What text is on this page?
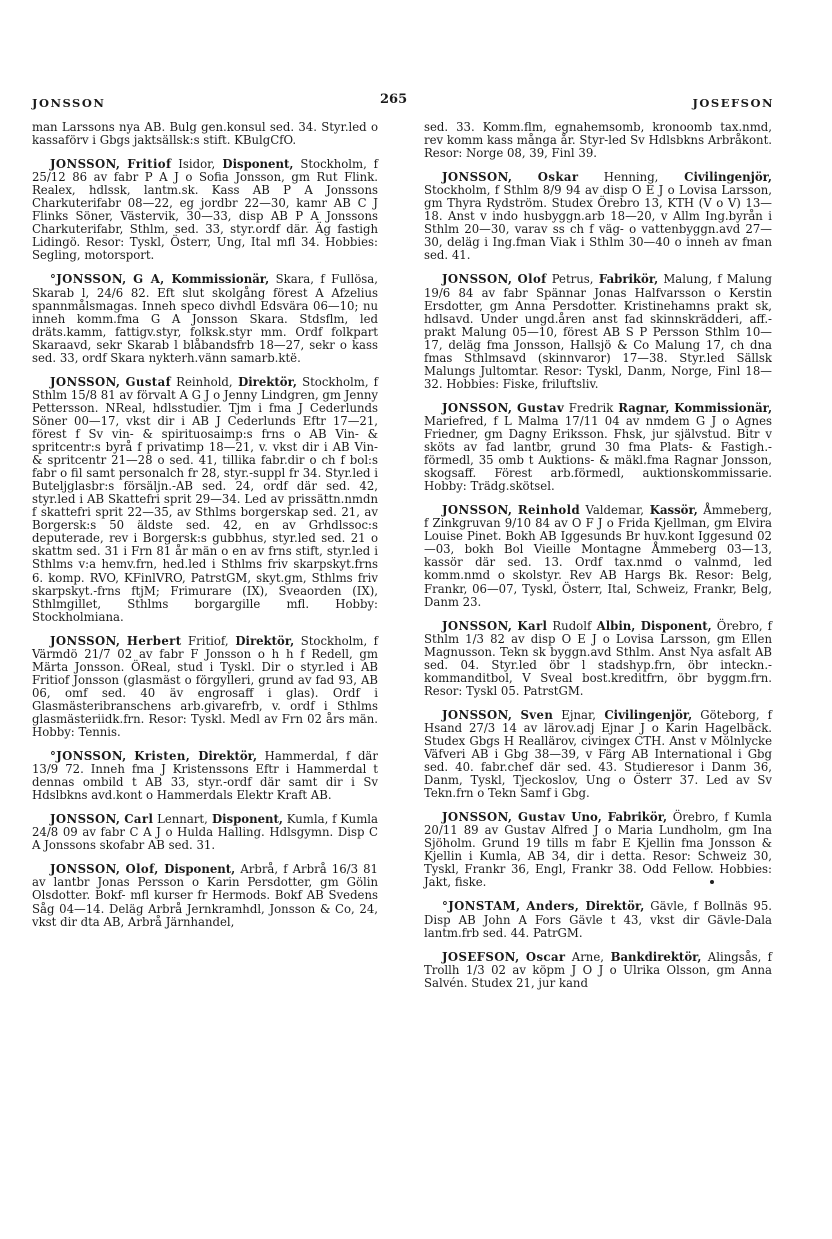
JONSSON	265	JOSEFSON

man Larssons nya AB. Bulg gen.konsul sed. 34. Styr.led o kassaförv i Gbgs jaktsällsk:s stift. KBulgCfO.

JONSSON, Fritiof Isidor, Disponent, Stockholm, f 25/12 86 av fabr P A J o Sofia Jonsson, gm Rut Flink. Realex, hdlssk, lantm.sk. Kass AB P A Jonssons Charkuterifabr 08—22, eg jordbr 22—30, kamr AB C J Flinks Söner, Västervik, 30—33, disp AB P A Jonssons Charkuterifabr, Sthlm, sed. 33, styr.ordf där. Äg fastigh Lidingö. Resor: Tyskl, Österr, Ung, Ital mfl 34. Hobbies: Segling, motorsport.

°JONSSON, G A, Kommissionär, Skara, f Fullösa, Skarab l, 24/6 82. Eft slut skolgång förest A Afzelius spannmålsmagas. Inneh speco divhdl Edsvära 06—10; nu inneh komm.fma G A Jonsson Skara. Stdsflm, led dräts.kamm, fattigv.styr, folksk.styr mm. Ordf folkpart Skaraavd, sekr Skarab l blåbandsfrb 18—27, sekr o kass sed. 33, ordf Skara nykterh.vänn samarb.ktë.

JONSSON, Gustaf Reinhold, Direktör, Stockholm, f Sthlm 15/8 81 av förvalt A G J o Jenny Lindgren, gm Jenny Pettersson. NReal, hdlsstudier. Tjm i fma J Cederlunds Söner 00—17, vkst dir i AB J Cederlunds Eftr 17—21, förest f Sv vin- & spirituosaimp:s frns o AB Vin- & spritcentr:s byrå f privatimp 18—21, v. vkst dir i AB Vin- & spritcentr 21—28 o sed. 41, tillika fabr.dir o ch f bol:s fabr o fil samt personalch fr 28, styr.-suppl fr 34. Styr.led i Buteljglasbr:s försäljn.-AB sed. 24, ordf där sed. 42, styr.led i AB Skattefri sprit 29—34. Led av prissättn.nmdn f skattefri sprit 22—35, av Sthlms borgerskap sed. 21, av Borgersk:s 50 äldste sed. 42, en av Grhdlssoc:s deputerade, rev i Borgersk:s gubbhus, styr.led sed. 21 o skattm sed. 31 i Frn 81 år män o en av frns stift, styr.led i Sthlms v:a hemv.frn, hed.led i Sthlms friv skarpskyt.frns 6. komp. RVO, KFinlVRO, PatrstGM, skyt.gm, Sthlms friv skarpskyt.-frns ftjM; Frimurare (IX), Sveaorden (IX), Sthlmgillet, Sthlms borgargille mfl. Hobby: Stockholmiana.

JONSSON, Herbert Fritiof, Direktör, Stockholm, f Värmdö 21/7 02 av fabr F Jonsson o h h f Redell, gm Märta Jonsson. ÖReal, stud i Tyskl. Dir o styr.led i AB Fritiof Jonsson (glasmäst o förgylleri, grund av fad 93, AB 06, omf sed. 40 äv engrosaff i glas). Ordf i Glasmästeribranschens arb.givarefrb, v. ordf i Sthlms glasmästeriidk.frn. Resor: Tyskl. Medl av Frn 02 års män. Hobby: Tennis.

°JONSSON, Kristen, Direktör, Hammerdal, f där 13/9 72. Inneh fma J Kristenssons Eftr i Hammerdal t dennas ombild t AB 33, styr.-ordf där samt dir i Sv Hdslbkns avd.kont o Hammerdals Elektr Kraft AB.

JONSSON, Carl Lennart, Disponent, Kumla, f Kumla 24/8 09 av fabr C A J o Hulda Halling. Hdlsgymn. Disp C A Jonssons skofabr AB sed. 31.

JONSSON, Olof, Disponent, Arbrå, f Arbrå 16/3 81 av lantbr Jonas Persson o Karin Persdotter, gm Gölin Olsdotter. Bokf- mfl kurser fr Hermods. Bokf AB Svedens Såg 04—14. Deläg Arbrå Jernkramhdl, Jonsson & Co, 24, vkst dir dta AB, Arbrå Järnhandel,

sed. 33. Komm.flm, egnahemsomb, kronoomb tax.nmd, rev komm kass många år. Styr-led Sv Hdlsbkns Arbråkont. Resor: Norge 08, 39, Finl 39.

JONSSON, Oskar Henning, Civilingenjör, Stockholm, f Sthlm 8/9 94 av disp O E J o Lovisa Larsson, gm Thyra Rydström. Studex Örebro 13, KTH (V o V) 13—18. Anst v indo husbyggn.arb 18—20, v Allm Ing.byrån i Sthlm 20—30, varav ss ch f väg- o vattenbyggn.avd 27—30, deläg i Ing.fman Viak i Sthlm 30—40 o inneh av fman sed. 41.

JONSSON, Olof Petrus, Fabrikör, Malung, f Malung 19/6 84 av fabr Spännar Jonas Halfvarsson o Kerstin Ersdotter, gm Anna Persdotter. Kristinehamns prakt sk, hdlsavd. Under ungd.åren anst fad skinnskrädderi, aff.-prakt Malung 05—10, förest AB S P Persson Sthlm 10—17, deläg fma Jonsson, Hallsjö & Co Malung 17, ch dna fmas Sthlmsavd (skinnvaror) 17—38. Styr.led Sällsk Malungs Jultomtar. Resor: Tyskl, Danm, Norge, Finl 18—32. Hobbies: Fiske, friluftsliv.

JONSSON, Gustav Fredrik Ragnar, Kommissionär, Mariefred, f L Malma 17/11 04 av nmdem G J o Agnes Friedner, gm Dagny Eriksson. Fhsk, jur självstud. Bitr v sköts av fad lantbr, grund 30 fma Plats- & Fastigh.-förmedl, 35 omb t Auktions- & mäkl.fma Ragnar Jonsson, skogsaff. Förest arb.förmedl, auktionskommissarie. Hobby: Trädg.skötsel.

JONSSON, Reinhold Valdemar, Kassör, Åmmeberg, f Zinkgruvan 9/10 84 av O F J o Frida Kjellman, gm Elvira Louise Pinet. Bokh AB Iggesunds Br huv.kont Iggesund 02—03, bokh Bol Vieille Montagne Åmmeberg 03—13, kassör där sed. 13. Ordf tax.nmd o valnmd, led komm.nmd o skolstyr. Rev AB Hargs Bk. Resor: Belg, Frankr, 06—07, Tyskl, Österr, Ital, Schweiz, Frankr, Belg, Danm 23.

JONSSON, Karl Rudolf Albin, Disponent, Örebro, f Sthlm 1/3 82 av disp O E J o Lovisa Larsson, gm Ellen Magnusson. Tekn sk byggn.avd Sthlm. Anst Nya asfalt AB sed. 04. Styr.led öbr l stadshyp.frn, öbr inteckn.-kommanditbol, V Sveal bost.kreditfrn, öbr byggm.frn. Resor: Tyskl 05. PatrstGM.

JONSSON, Sven Ejnar, Civilingenjör, Göteborg, f Hsand 27/3 14 av lärov.adj Ejnar J o Karin Hagelbäck. Studex Gbgs H Reallärov, civingex CTH. Anst v Mölnlycke Väfveri AB i Gbg 38—39, v Färg AB International i Gbg sed. 40. fabr.chef där sed. 43. Studieresor i Danm 36, Danm, Tyskl, Tjeckoslov, Ung o Österr 37. Led av Sv Tekn.frn o Tekn Samf i Gbg.

JONSSON, Gustav Uno, Fabrikör, Örebro, f Kumla 20/11 89 av Gustav Alfred J o Maria Lundholm, gm Ina Sjöholm. Grund 19 tills m fabr E Kjellin fma Jonsson & Kjellin i Kumla, AB 34, dir i detta. Resor: Schweiz 30, Tyskl, Frankr 36, Engl, Frankr 38. Odd Fellow. Hobbies: Jakt, fiske.

°JONSTAM, Anders, Direktör, Gävle, f Bollnäs 95. Disp AB John A Fors Gävle t 43, vkst dir Gävle-Dala lantm.frb sed. 44. PatrGM.

JOSEFSON, Oscar Arne, Bankdirektör, Alingsås, f Trollh 1/3 02 av köpm J O J o Ulrika Olsson, gm Anna Salvén. Studex 21, jur kand
